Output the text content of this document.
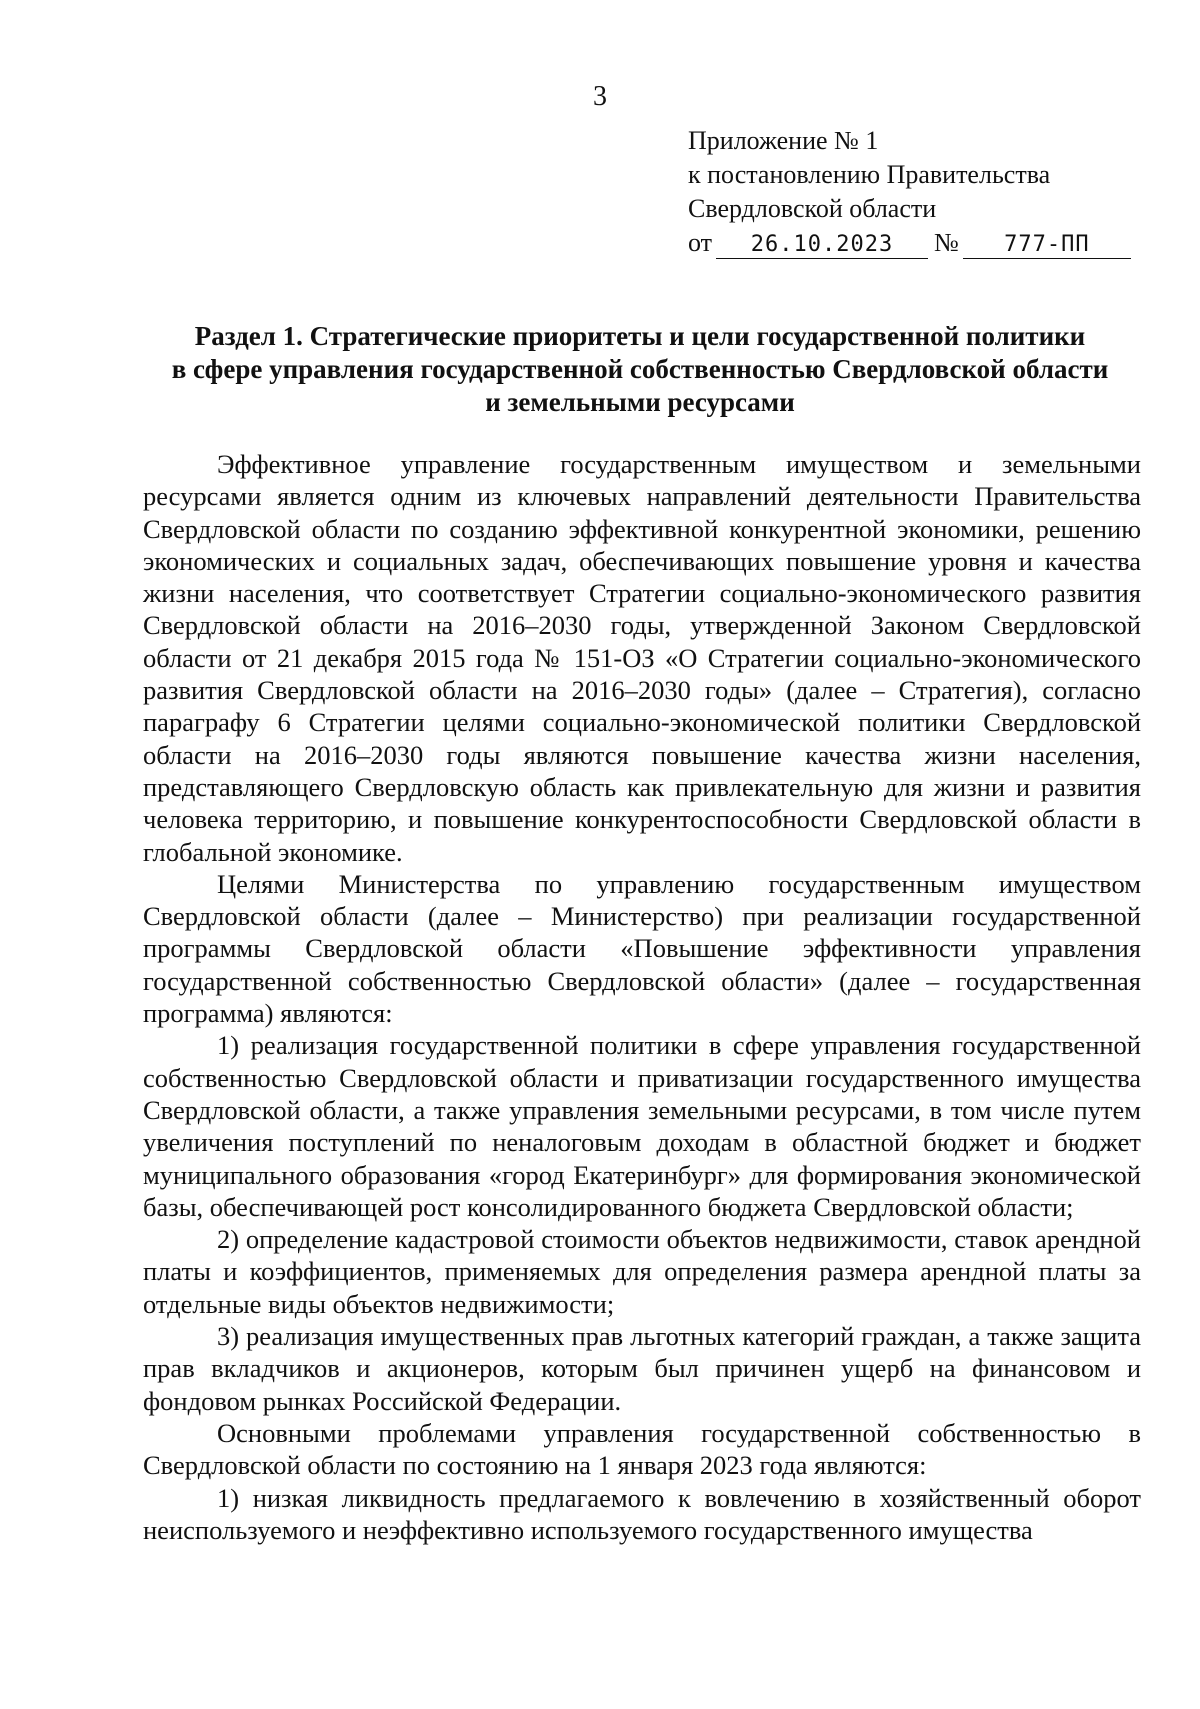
3
Приложение № 1
к постановлению Правительства
Свердловской области
от	26.10.2023	№	777-ПП
Раздел 1. Стратегические приоритеты и цели государственной политики
в сфере управления государственной собственностью Свердловской области
и земельными ресурсами

Эффективное управление государственным имуществом и земельными ресурсами является одним из ключевых направлений деятельности Правительства Свердловской области по созданию эффективной конкурентной экономики, решению экономических и социальных задач, обеспечивающих повышение уровня и качества жизни населения, что соответствует Стратегии социально-экономического развития Свердловской области на 2016–2030 годы, утвержденной Законом Свердловской области от 21 декабря 2015 года № 151-ОЗ «О Стратегии социально-экономического развития Свердловской области на 2016–2030 годы» (далее – Стратегия), согласно параграфу 6 Стратегии целями социально-экономической политики Свердловской области на 2016–2030 годы являются повышение качества жизни населения, представляющего Свердловскую область как привлекательную для жизни и развития человека территорию, и повышение конкурентоспособности Свердловской области в глобальной экономике.

Целями Министерства по управлению государственным имуществом Свердловской области (далее – Министерство) при реализации государственной программы Свердловской области «Повышение эффективности управления государственной собственностью Свердловской области» (далее – государственная программа) являются:

1) реализация государственной политики в сфере управления государственной собственностью Свердловской области и приватизации государственного имущества Свердловской области, а также управления земельными ресурсами, в том числе путем увеличения поступлений по неналоговым доходам в областной бюджет и бюджет муниципального образования «город Екатеринбург» для формирования экономической базы, обеспечивающей рост консолидированного бюджета Свердловской области;

2) определение кадастровой стоимости объектов недвижимости, ставок арендной платы и коэффициентов, применяемых для определения размера арендной платы за отдельные виды объектов недвижимости;

3) реализация имущественных прав льготных категорий граждан, а также защита прав вкладчиков и акционеров, которым был причинен ущерб на финансовом и фондовом рынках Российской Федерации.

Основными проблемами управления государственной собственностью в Свердловской области по состоянию на 1 января 2023 года являются:

1) низкая ликвидность предлагаемого к вовлечению в хозяйственный оборот неиспользуемого и неэффективно используемого государственного имущества
